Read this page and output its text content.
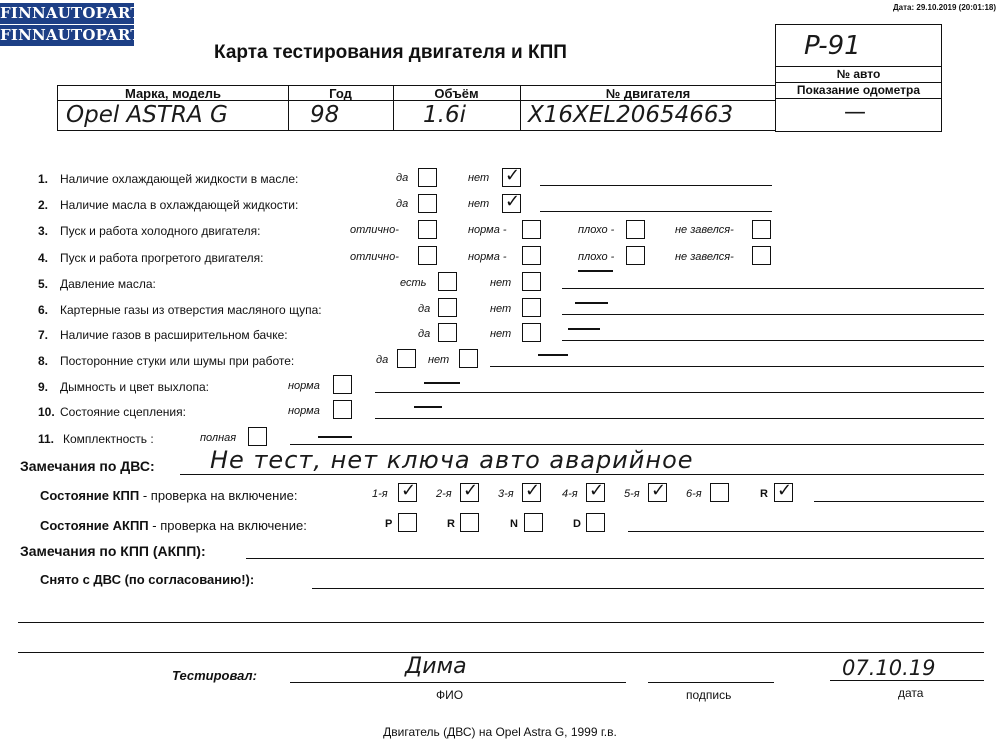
FINNAUTOPARTS
FINNAUTOPARTS
Дата: 29.10.2019 (20:01:18)
Карта тестирования двигателя и КПП	P-91
№ авто
Показание одометра
—
Марка, модель	Год	Объём	№ двигателя
Opel ASTRA G	98	1.6i	X16XEL20654663
1. Наличие охлаждающей жидкости в масле:	да	нет ✓
2. Наличие масла в охлаждающей жидкости:	да	нет ✓
3. Пуск и работа холодного двигателя:	отлично-	норма -	плохо -	не завелся-
4. Пуск и работа прогретого двигателя:	отлично-	норма -	плохо -	не завелся-
5. Давление масла:	есть	нет
6. Картерные газы из отверстия масляного щупа:	да	нет
7. Наличие газов в расширительном бачке:	да	нет
8. Посторонние стуки или шумы при работе:	да	нет
9. Дымность и цвет выхлопа:	норма
10. Состояние сцепления:	норма
11. Комплектность :	полная
Замечания по ДВС: Не тест, нет ключа авто аварийное
Состояние КПП - проверка на включение:	1-я ✓ 2-я ✓ 3-я ✓ 4-я ✓ 5-я ✓ 6-я	R ✓
Состояние АКПП - проверка на включение:	P	R	N	D
Замечания по КПП (АКПП):
Снято с ДВС (по согласованию!):
Тестировал:	Дима
ФИО	подпись
07.10.19
дата
Двигатель (ДВС) на Opel Astra G, 1999 г.в.
